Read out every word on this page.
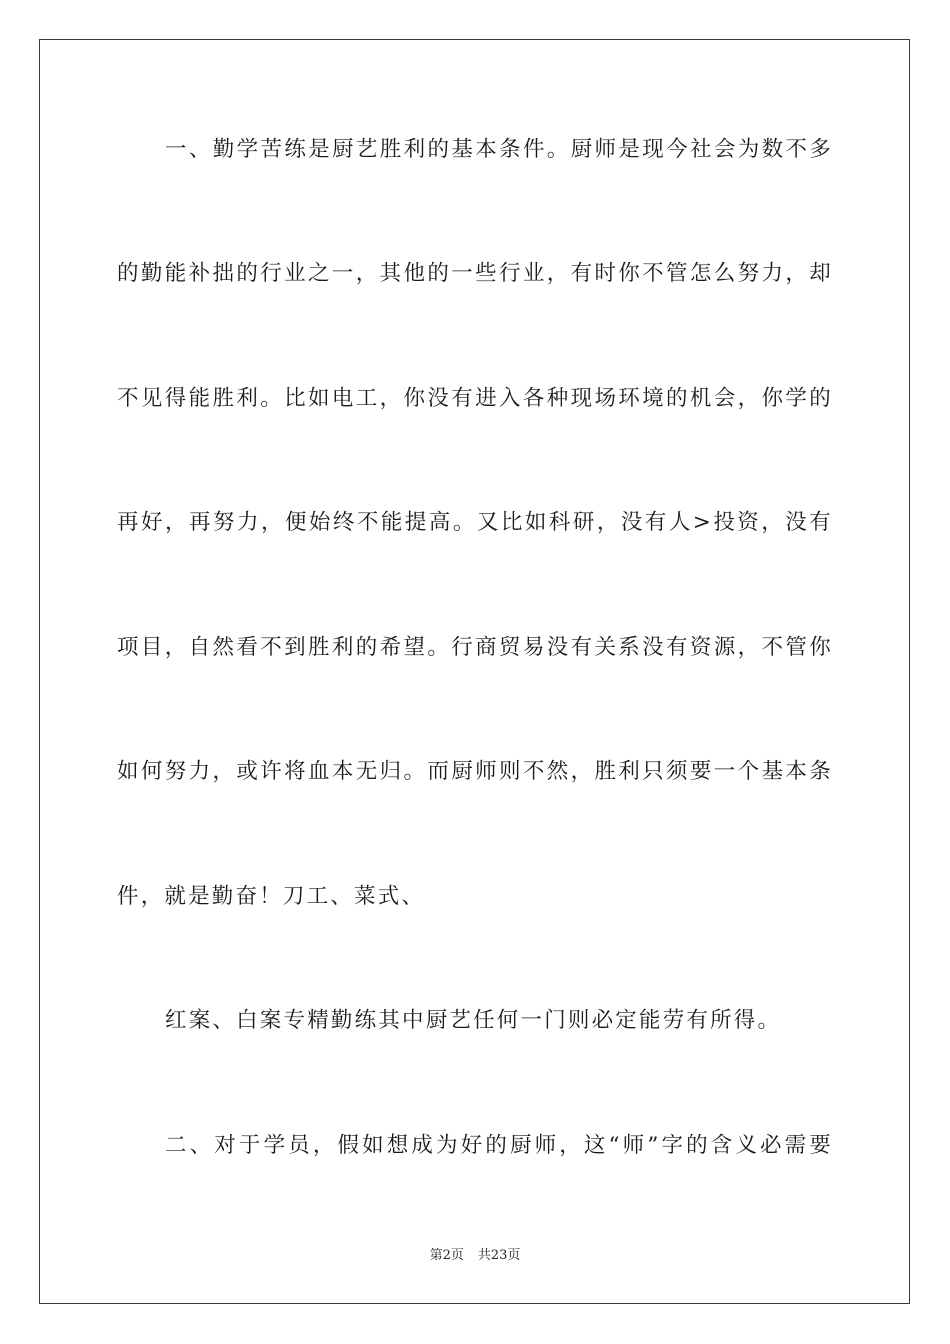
一、勤学苦练是厨艺胜利的基本条件。厨师是现今社会为数不多
的勤能补拙的行业之一，其他的一些行业，有时你不管怎么努力，却
不见得能胜利。比如电工，你没有进入各种现场环境的机会，你学的
再好，再努力，便始终不能提高。又比如科研，没有人>投资，没有
项目，自然看不到胜利的希望。行商贸易没有关系没有资源，不管你
如何努力，或许将血本无归。而厨师则不然，胜利只须要一个基本条
件，就是勤奋！刀工、菜式、
红案、白案专精勤练其中厨艺任何一门则必定能劳有所得。
二、对于学员，假如想成为好的厨师，这“师”字的含义必需要
第2页 共23页
